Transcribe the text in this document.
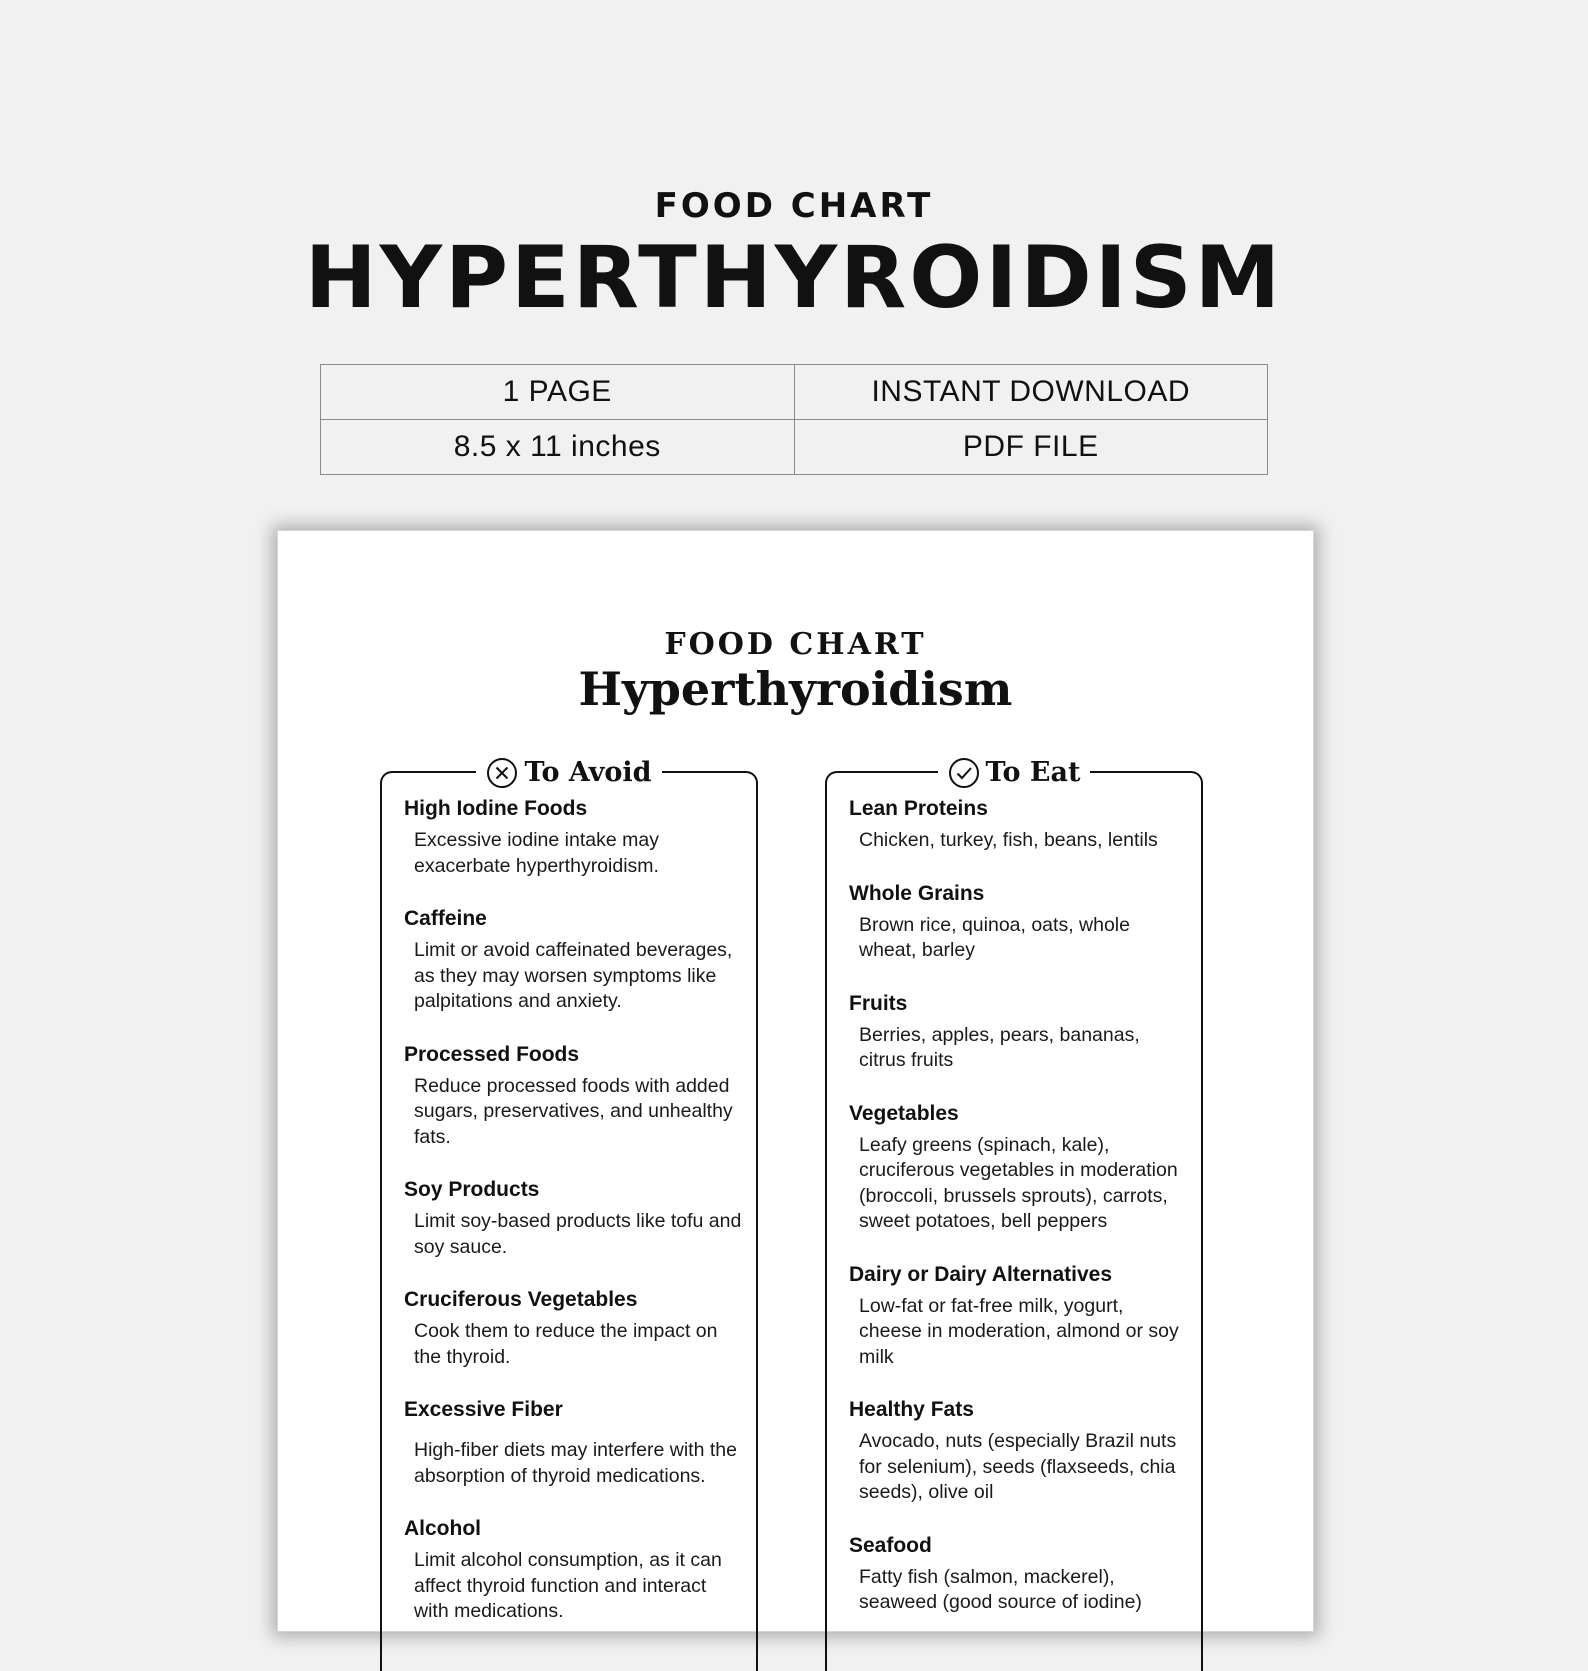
FOOD CHART
HYPERTHYROIDISM
1 PAGE	INSTANT DOWNLOAD
8.5 x 11 inches	PDF FILE
FOOD CHART
Hyperthyroidism
To Avoid
High Iodine Foods
Excessive iodine intake may exacerbate hyperthyroidism.
Caffeine
Limit or avoid caffeinated beverages, as they may worsen symptoms like palpitations and anxiety.
Processed Foods
Reduce processed foods with added sugars, preservatives, and unhealthy fats.
Soy Products
Limit soy-based products like tofu and soy sauce.
Cruciferous Vegetables
Cook them to reduce the impact on the thyroid.
Excessive Fiber
High-fiber diets may interfere with the absorption of thyroid medications.
Alcohol
Limit alcohol consumption, as it can affect thyroid function and interact with medications.
To Eat
Lean Proteins
Chicken, turkey, fish, beans, lentils
Whole Grains
Brown rice, quinoa, oats, whole wheat, barley
Fruits
Berries, apples, pears, bananas, citrus fruits
Vegetables
Leafy greens (spinach, kale), cruciferous vegetables in moderation (broccoli, brussels sprouts), carrots, sweet potatoes, bell peppers
Dairy or Dairy Alternatives
Low-fat or fat-free milk, yogurt, cheese in moderation, almond or soy milk
Healthy Fats
Avocado, nuts (especially Brazil nuts for selenium), seeds (flaxseeds, chia seeds), olive oil
Seafood
Fatty fish (salmon, mackerel), seaweed (good source of iodine)
